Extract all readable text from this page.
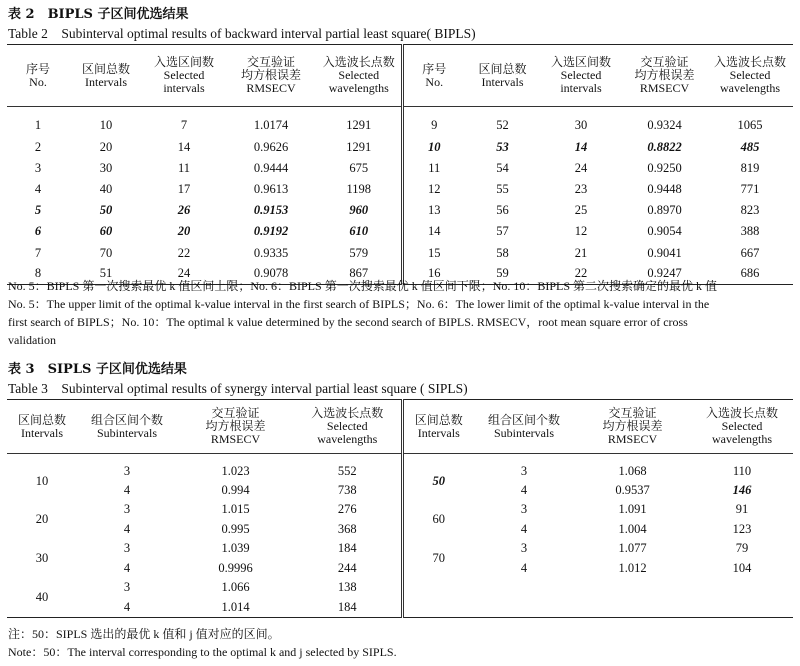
表 2　BIPLS 子区间优选结果
Table 2　Subinterval optimal results of backward interval partial least square( BIPLS)
序号
No.	区间总数
Intervals	入选区间数
Selected
intervals	交互验证
均方根误差
RMSECV	入选波长点数
Selected
wavelengths	序号
No.	区间总数
Intervals	入选区间数
Selected
intervals	交互验证
均方根误差
RMSECV	入选波长点数
Selected
wavelengths
1	10	7	1.0174	1291	9	52	30	0.9324	1065
2	20	14	0.9626	1291	10	53	14	0.8822	485
3	30	11	0.9444	675	11	54	24	0.9250	819
4	40	17	0.9613	1198	12	55	23	0.9448	771
5	50	26	0.9153	960	13	56	25	0.8970	823
6	60	20	0.9192	610	14	57	12	0.9054	388
7	70	22	0.9335	579	15	58	21	0.9041	667
8	51	24	0.9078	867	16	59	22	0.9247	686
No. 5：BIPLS 第一次搜索最优 k 值区间上限；No. 6：BIPLS 第一次搜索最优 k 值区间下限；No. 10：BIPLS 第二次搜索确定的最优 k 值
No. 5：The upper limit of the optimal k-value interval in the first search of BIPLS；No. 6：The lower limit of the optimal k-value interval in the
first search of BIPLS；No. 10：The optimal k value determined by the second search of BIPLS. RMSECV，root mean square error of cross
validation
表 3　SIPLS 子区间优选结果
Table 3　Subinterval optimal results of synergy interval partial least square ( SIPLS)
区间总数
Intervals	组合区间个数
Subintervals	交互验证
均方根误差
RMSECV	入选波长点数
Selected
wavelengths	区间总数
Intervals	组合区间个数
Subintervals	交互验证
均方根误差
RMSECV	入选波长点数
Selected
wavelengths
10	3	1.023	552	50	3	1.068	110
	4	0.994	738		4	0.9537	146
20	3	1.015	276	60	3	1.091	91
	4	0.995	368		4	1.004	123
30	3	1.039	184	70	3	1.077	79
	4	0.9996	244		4	1.012	104
40	3	1.066	138				
	4	1.014	184				
注：50：SIPLS 选出的最优 k 值和 j 值对应的区间。
Note：50：The interval corresponding to the optimal k and j selected by SIPLS.
